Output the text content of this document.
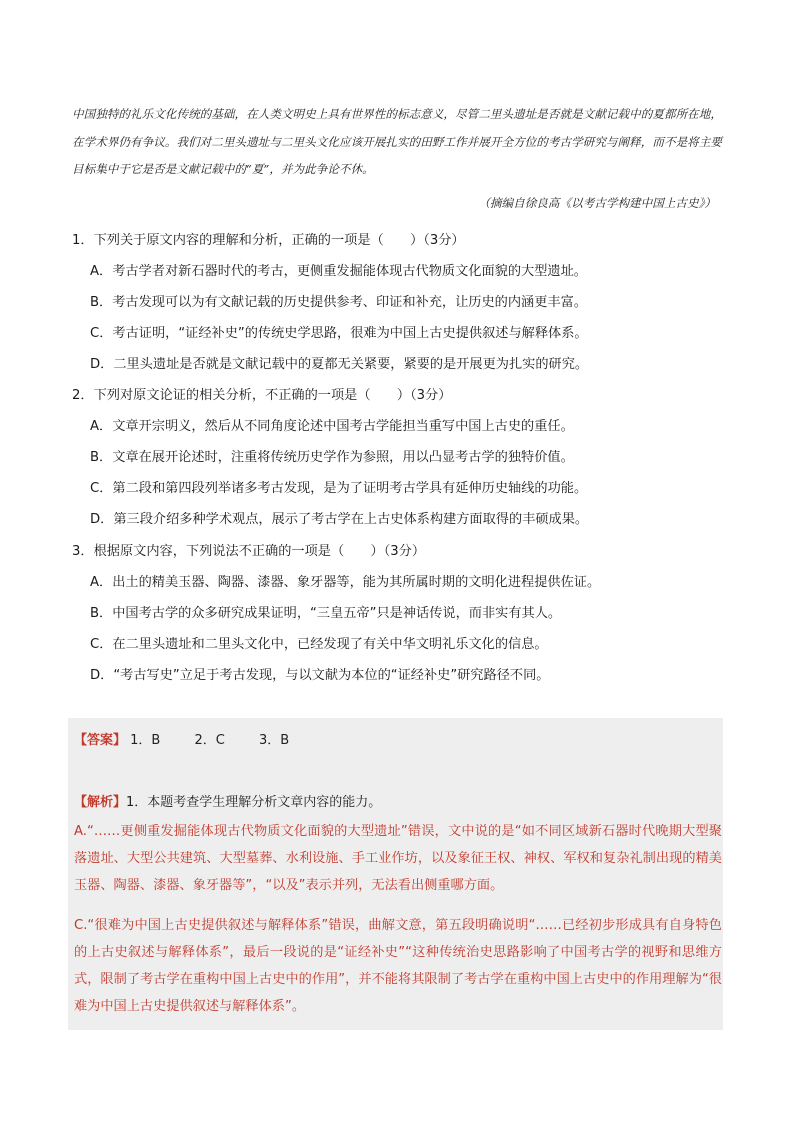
中国独特的礼乐文化传统的基础，在人类文明史上具有世界性的标志意义，尽管二里头遗址是否就是文献记载中的夏都所在地，在学术界仍有争议。我们对二里头遗址与二里头文化应该开展扎实的田野工作并展开全方位的考古学研究与阐释，而不是将主要目标集中于它是否是文献记载中的“夏”，并为此争论不休。
（摘编自徐良高《以考古学构建中国上古史》）
1．下列关于原文内容的理解和分析，正确的一项是（　　）（3分）
A．考古学者对新石器时代的考古，更侧重发掘能体现古代物质文化面貌的大型遗址。
B．考古发现可以为有文献记载的历史提供参考、印证和补充，让历史的内涵更丰富。
C．考古证明，“证经补史”的传统史学思路，很难为中国上古史提供叙述与解释体系。
D．二里头遗址是否就是文献记载中的夏都无关紧要，紧要的是开展更为扎实的研究。
2．下列对原文论证的相关分析，不正确的一项是（　　）（3分）
A．文章开宗明义，然后从不同角度论述中国考古学能担当重写中国上古史的重任。
B．文章在展开论述时，注重将传统历史学作为参照，用以凸显考古学的独特价值。
C．第二段和第四段列举诸多考古发现，是为了证明考古学具有延伸历史轴线的功能。
D．第三段介绍多种学术观点，展示了考古学在上古史体系构建方面取得的丰硕成果。
3．根据原文内容，下列说法不正确的一项是（　　）（3分）
A．出土的精美玉器、陶器、漆器、象牙器等，能为其所属时期的文明化进程提供佐证。
B．中国考古学的众多研究成果证明，“三皇五帝”只是神话传说，而非实有其人。
C．在二里头遗址和二里头文化中，已经发现了有关中华文明礼乐文化的信息。
D．“考古写史”立足于考古发现，与以文献为本位的“证经补史”研究路径不同。
【答案】 1．B	2．C	3．B
【解析】1．本题考查学生理解分析文章内容的能力。
A.“……更侧重发掘能体现古代物质文化面貌的大型遗址”错误，文中说的是“如不同区域新石器时代晚期大型聚落遗址、大型公共建筑、大型墓葬、水利设施、手工业作坊，以及象征王权、神权、军权和复杂礼制出现的精美玉器、陶器、漆器、象牙器等”，“以及”表示并列，无法看出侧重哪方面。
C.“很难为中国上古史提供叙述与解释体系”错误，曲解文意，第五段明确说明“……已经初步形成具有自身特色的上古史叙述与解释体系”，最后一段说的是“证经补史”“这种传统治史思路影响了中国考古学的视野和思维方式，限制了考古学在重构中国上古史中的作用”，并不能将其限制了考古学在重构中国上古史中的作用理解为“很难为中国上古史提供叙述与解释体系”。
